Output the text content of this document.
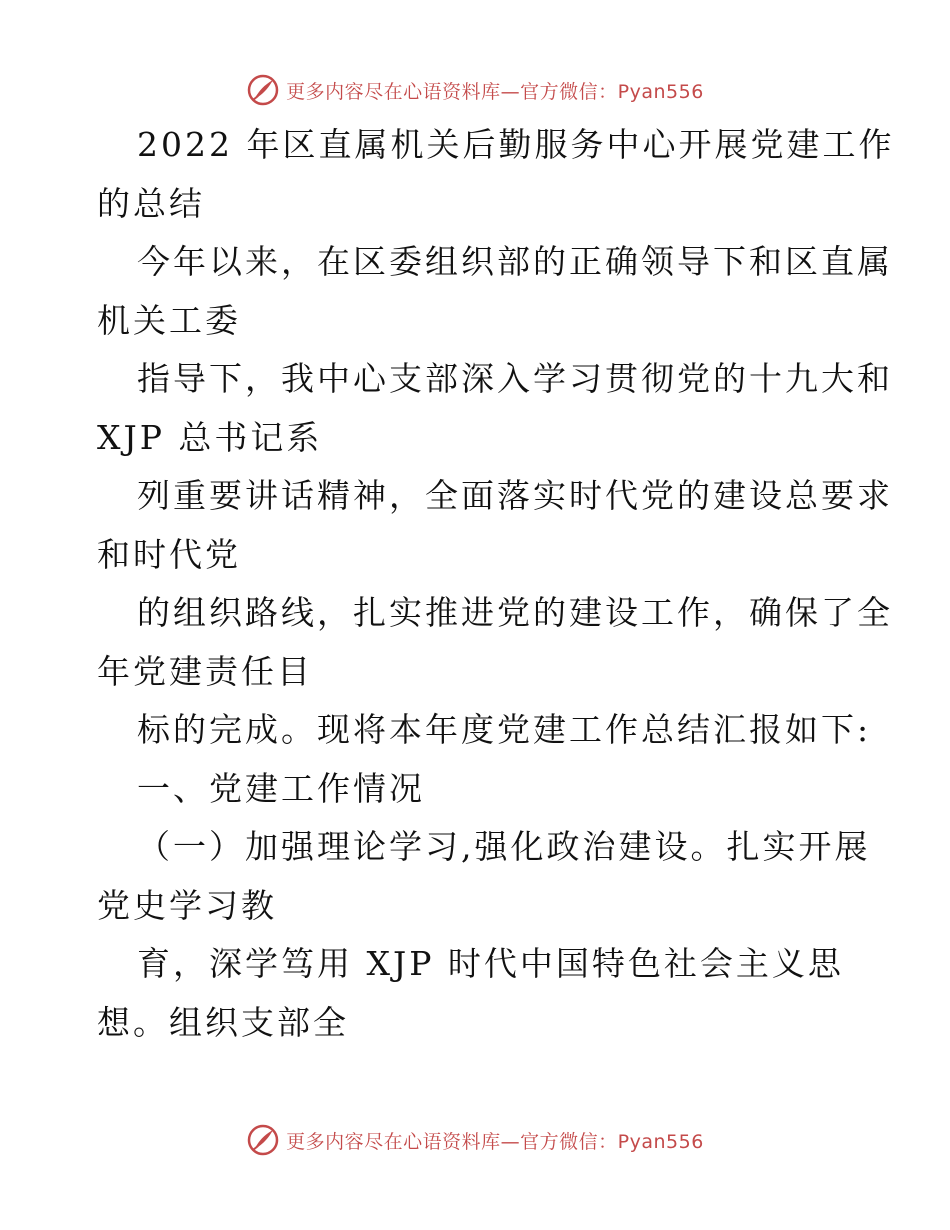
更多内容尽在心语资料库—官方微信：Pyan556
2022 年区直属机关后勤服务中心开展党建工作
的总结
今年以来，在区委组织部的正确领导下和区直属
机关工委
指导下，我中心支部深入学习贯彻党的十九大和
XJP 总书记系
列重要讲话精神，全面落实时代党的建设总要求
和时代党
的组织路线，扎实推进党的建设工作，确保了全
年党建责任目
标的完成。现将本年度党建工作总结汇报如下:
一、党建工作情况
（一）加强理论学习,强化政治建设。扎实开展
党史学习教
育，深学笃用 XJP 时代中国特色社会主义思
想。组织支部全
更多内容尽在心语资料库—官方微信：Pyan556
